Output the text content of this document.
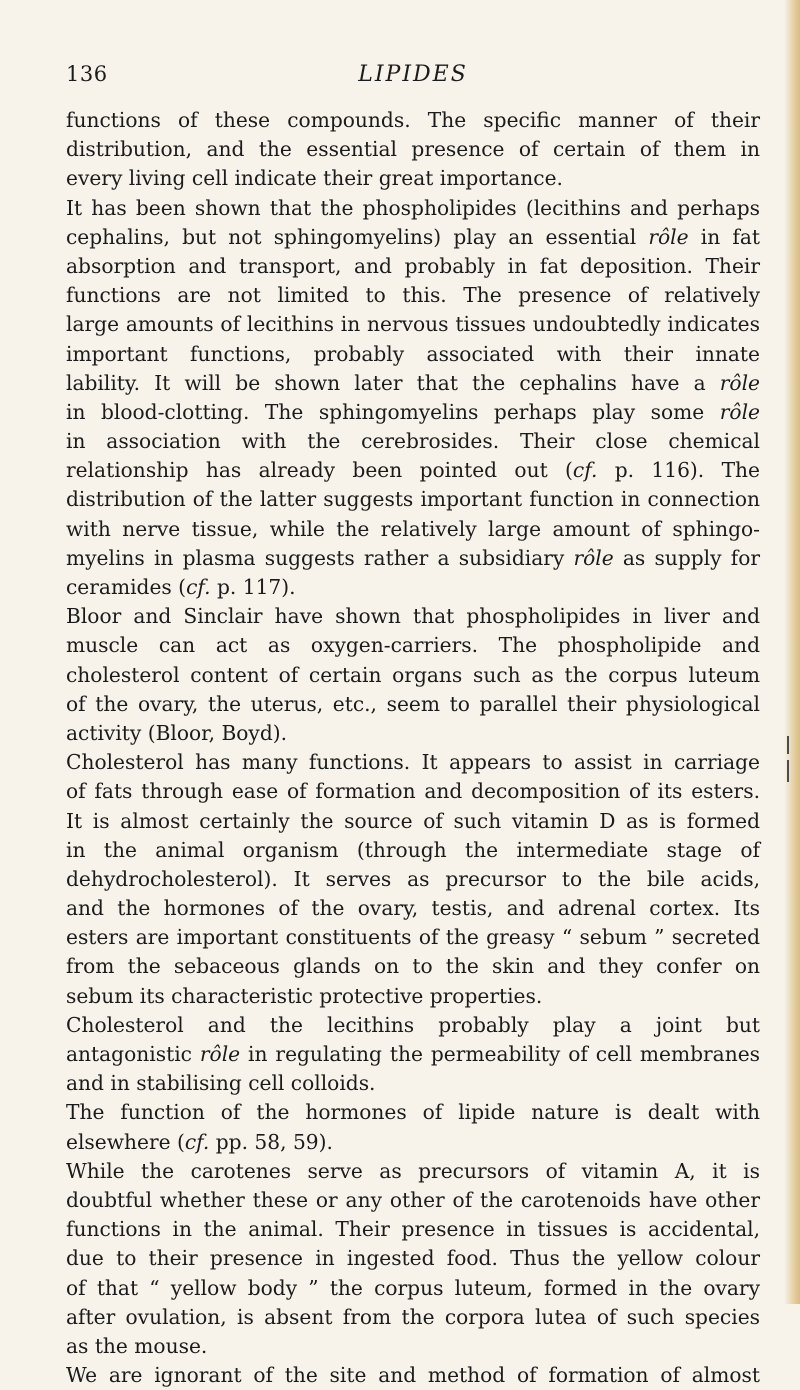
136	LIPIDES
functions of these compounds. The specific manner of their
distribution, and the essential presence of certain of them in
every living cell indicate their great importance.
It has been shown that the phospholipides (lecithins and perhaps
cephalins, but not sphingomyelins) play an essential rôle in fat
absorption and transport, and probably in fat deposition. Their
functions are not limited to this. The presence of relatively
large amounts of lecithins in nervous tissues undoubtedly indicates
important functions, probably associated with their innate
lability. It will be shown later that the cephalins have a rôle
in blood-clotting. The sphingomyelins perhaps play some rôle
in association with the cerebrosides. Their close chemical
relationship has already been pointed out (cf. p. 116). The
distribution of the latter suggests important function in connection
with nerve tissue, while the relatively large amount of sphingo-
myelins in plasma suggests rather a subsidiary rôle as supply for
ceramides (cf. p. 117).
Bloor and Sinclair have shown that phospholipides in liver and
muscle can act as oxygen-carriers. The phospholipide and
cholesterol content of certain organs such as the corpus luteum
of the ovary, the uterus, etc., seem to parallel their physiological
activity (Bloor, Boyd).
Cholesterol has many functions. It appears to assist in carriage
of fats through ease of formation and decomposition of its esters.
It is almost certainly the source of such vitamin D as is formed
in the animal organism (through the intermediate stage of
dehydrocholesterol). It serves as precursor to the bile acids,
and the hormones of the ovary, testis, and adrenal cortex. Its
esters are important constituents of the greasy “ sebum ” secreted
from the sebaceous glands on to the skin and they confer on
sebum its characteristic protective properties.
Cholesterol and the lecithins probably play a joint but
antagonistic rôle in regulating the permeability of cell membranes
and in stabilising cell colloids.
The function of the hormones of lipide nature is dealt with
elsewhere (cf. pp. 58, 59).
While the carotenes serve as precursors of vitamin A, it is
doubtful whether these or any other of the carotenoids have other
functions in the animal. Their presence in tissues is accidental,
due to their presence in ingested food. Thus the yellow colour
of that “ yellow body ” the corpus luteum, formed in the ovary
after ovulation, is absent from the corpora lutea of such species
as the mouse.
We are ignorant of the site and method of formation of almost
